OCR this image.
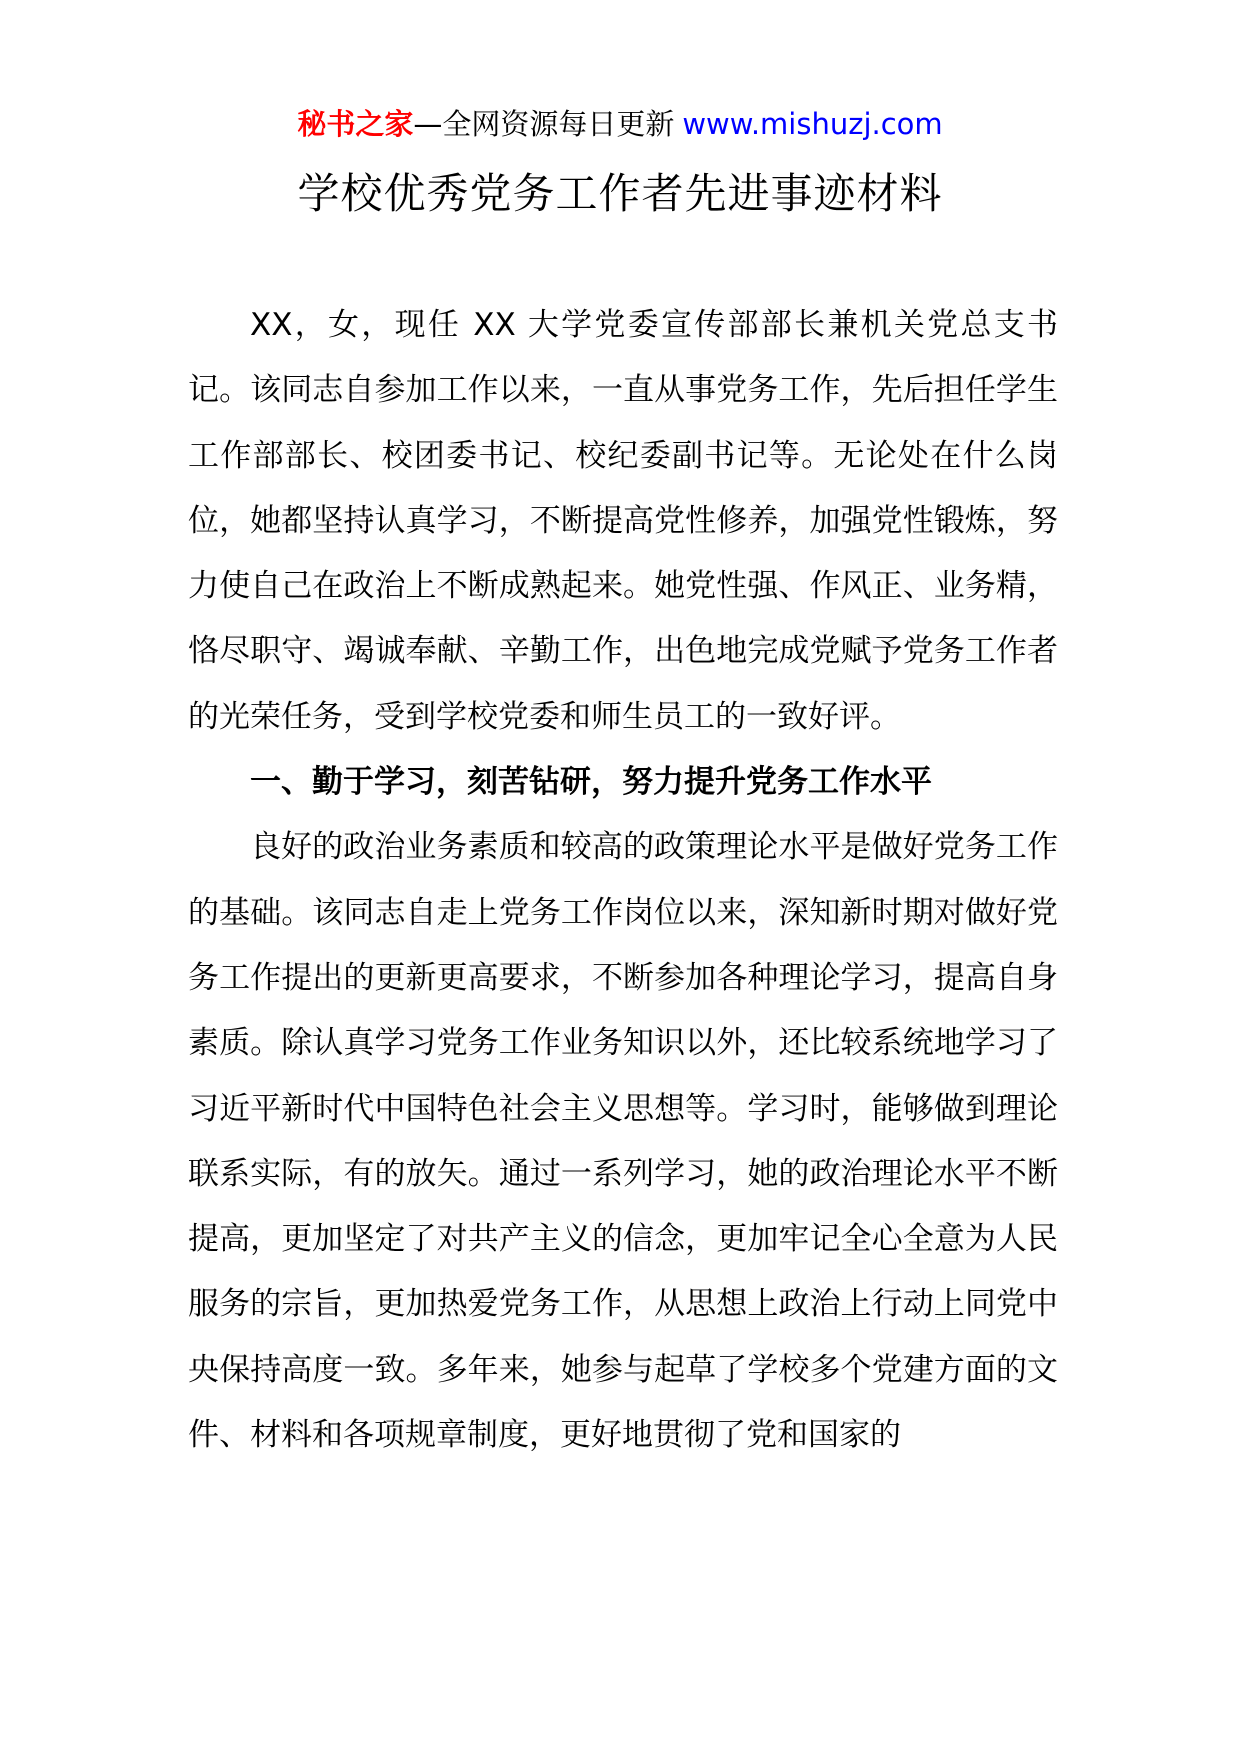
秘书之家—全网资源每日更新 www.mishuzj.com
学校优秀党务工作者先进事迹材料

XX，女，现任 XX 大学党委宣传部部长兼机关党总支书记。该同志自参加工作以来，一直从事党务工作，先后担任学生工作部部长、校团委书记、校纪委副书记等。无论处在什么岗位，她都坚持认真学习，不断提高党性修养，加强党性锻炼，努力使自己在政治上不断成熟起来。她党性强、作风正、业务精，恪尽职守、竭诚奉献、辛勤工作，出色地完成党赋予党务工作者的光荣任务，受到学校党委和师生员工的一致好评。

一、勤于学习，刻苦钻研，努力提升党务工作水平

良好的政治业务素质和较高的政策理论水平是做好党务工作的基础。该同志自走上党务工作岗位以来，深知新时期对做好党务工作提出的更新更高要求，不断参加各种理论学习，提高自身素质。除认真学习党务工作业务知识以外，还比较系统地学习了习近平新时代中国特色社会主义思想等。学习时，能够做到理论联系实际，有的放矢。通过一系列学习，她的政治理论水平不断提高，更加坚定了对共产主义的信念，更加牢记全心全意为人民服务的宗旨，更加热爱党务工作，从思想上政治上行动上同党中央保持高度一致。多年来，她参与起草了学校多个党建方面的文件、材料和各项规章制度，更好地贯彻了党和国家的
